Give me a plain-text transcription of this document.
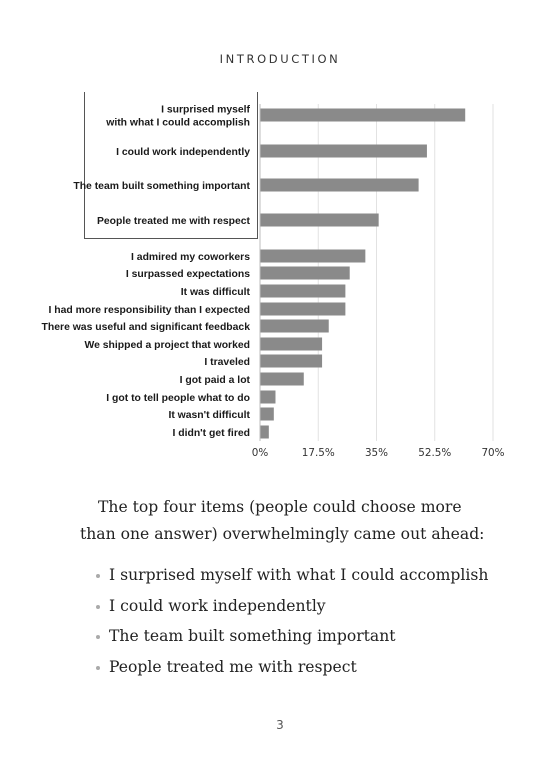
INTRODUCTION
I surprised myself
with what I could accomplish
I could work independently
The team built something important
People treated me with respect
I admired my coworkers
I surpassed expectations
It was difficult
I had more responsibility than I expected
There was useful and significant feedback
We shipped a project that worked
I traveled
I got paid a lot
I got to tell people what to do
It wasn't difficult
I didn't get fired
0%	17.5%	35%	52.5%	70%
The top four items (people could choose more than one answer) overwhelmingly came out ahead:
I surprised myself with what I could accomplish
I could work independently
The team built something important
People treated me with respect
3
